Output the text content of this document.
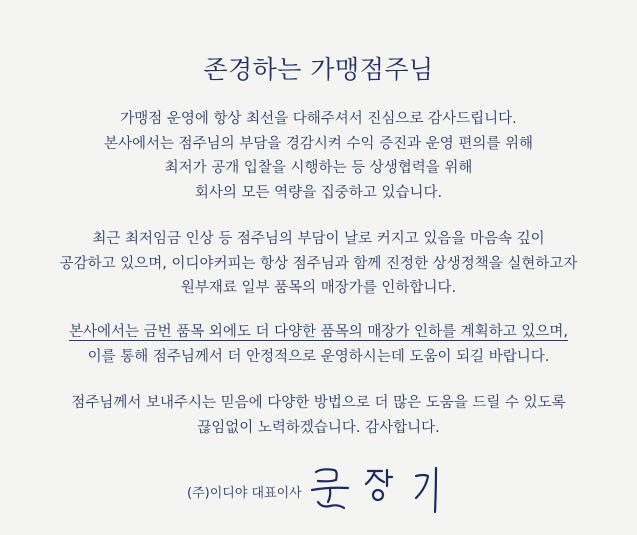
존경하는 가맹점주님
가맹점 운영에 항상 최선을 다해주셔서 진심으로 감사드립니다.
본사에서는 점주님의 부담을 경감시켜 수익 증진과 운영 편의를 위해
최저가 공개 입찰을 시행하는 등 상생협력을 위해
회사의 모든 역량을 집중하고 있습니다.
최근 최저임금 인상 등 점주님의 부담이 날로 커지고 있음을 마음속 깊이
공감하고 있으며, 이디야커피는 항상 점주님과 함께 진정한 상생정책을 실현하고자
원부재료 일부 품목의 매장가를 인하합니다.
본사에서는 금번 품목 외에도 더 다양한 품목의 매장가 인하를 계획하고 있으며,
이를 통해 점주님께서 더 안정적으로 운영하시는데 도움이 되길 바랍니다.
점주님께서 보내주시는 믿음에 다양한 방법으로 더 많은 도움을 드릴 수 있도록
끊임없이 노력하겠습니다. 감사합니다.
(주)이디야 대표이사
